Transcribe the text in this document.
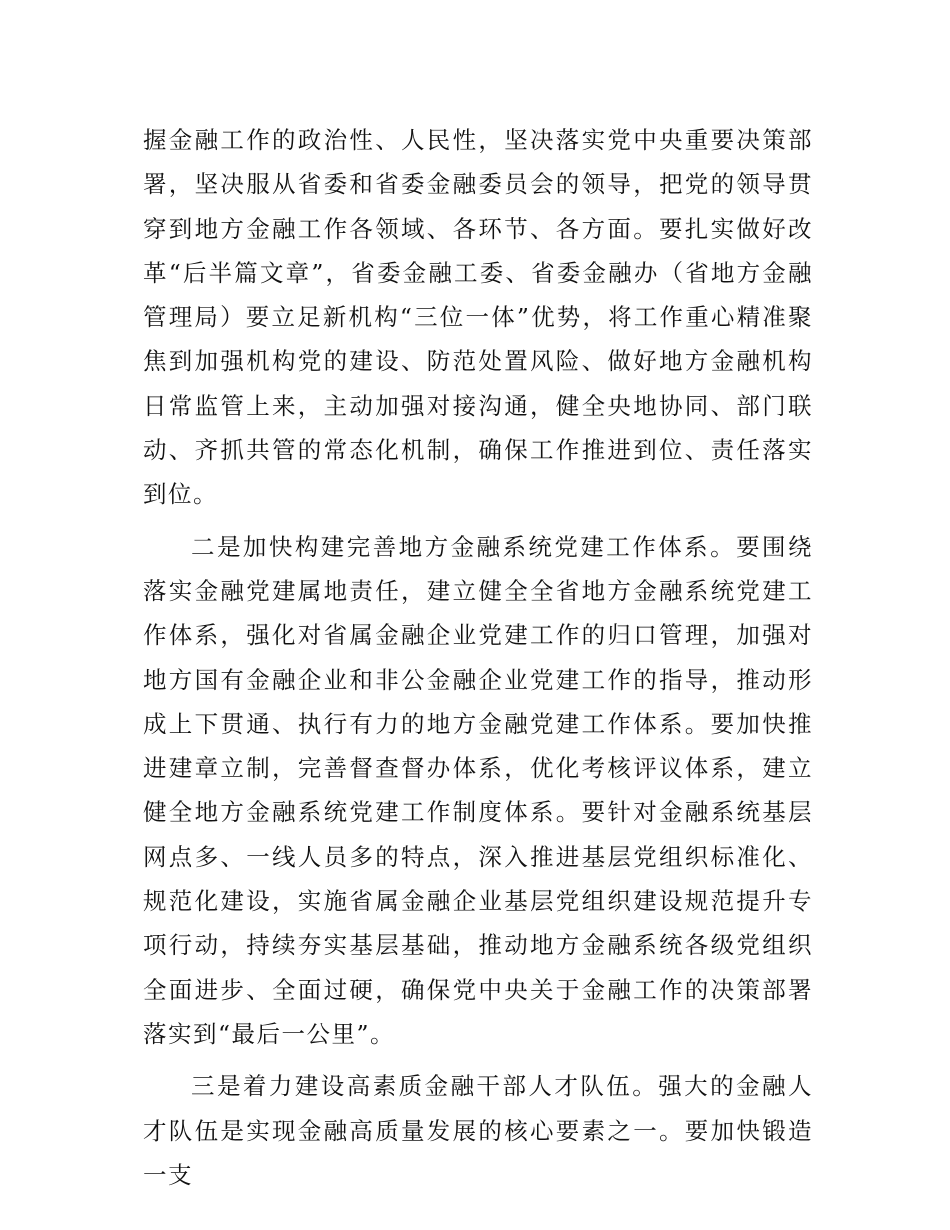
握金融工作的政治性、人民性，坚决落实党中央重要决策部署，坚决服从省委和省委金融委员会的领导，把党的领导贯穿到地方金融工作各领域、各环节、各方面。要扎实做好改革“后半篇文章”，省委金融工委、省委金融办（省地方金融管理局）要立足新机构“三位一体”优势，将工作重心精准聚焦到加强机构党的建设、防范处置风险、做好地方金融机构日常监管上来，主动加强对接沟通，健全央地协同、部门联动、齐抓共管的常态化机制，确保工作推进到位、责任落实到位。

二是加快构建完善地方金融系统党建工作体系。要围绕落实金融党建属地责任，建立健全全省地方金融系统党建工作体系，强化对省属金融企业党建工作的归口管理，加强对地方国有金融企业和非公金融企业党建工作的指导，推动形成上下贯通、执行有力的地方金融党建工作体系。要加快推进建章立制，完善督查督办体系，优化考核评议体系，建立健全地方金融系统党建工作制度体系。要针对金融系统基层网点多、一线人员多的特点，深入推进基层党组织标准化、规范化建设，实施省属金融企业基层党组织建设规范提升专项行动，持续夯实基层基础，推动地方金融系统各级党组织全面进步、全面过硬，确保党中央关于金融工作的决策部署落实到“最后一公里”。

三是着力建设高素质金融干部人才队伍。强大的金融人才队伍是实现金融高质量发展的核心要素之一。要加快锻造一支
